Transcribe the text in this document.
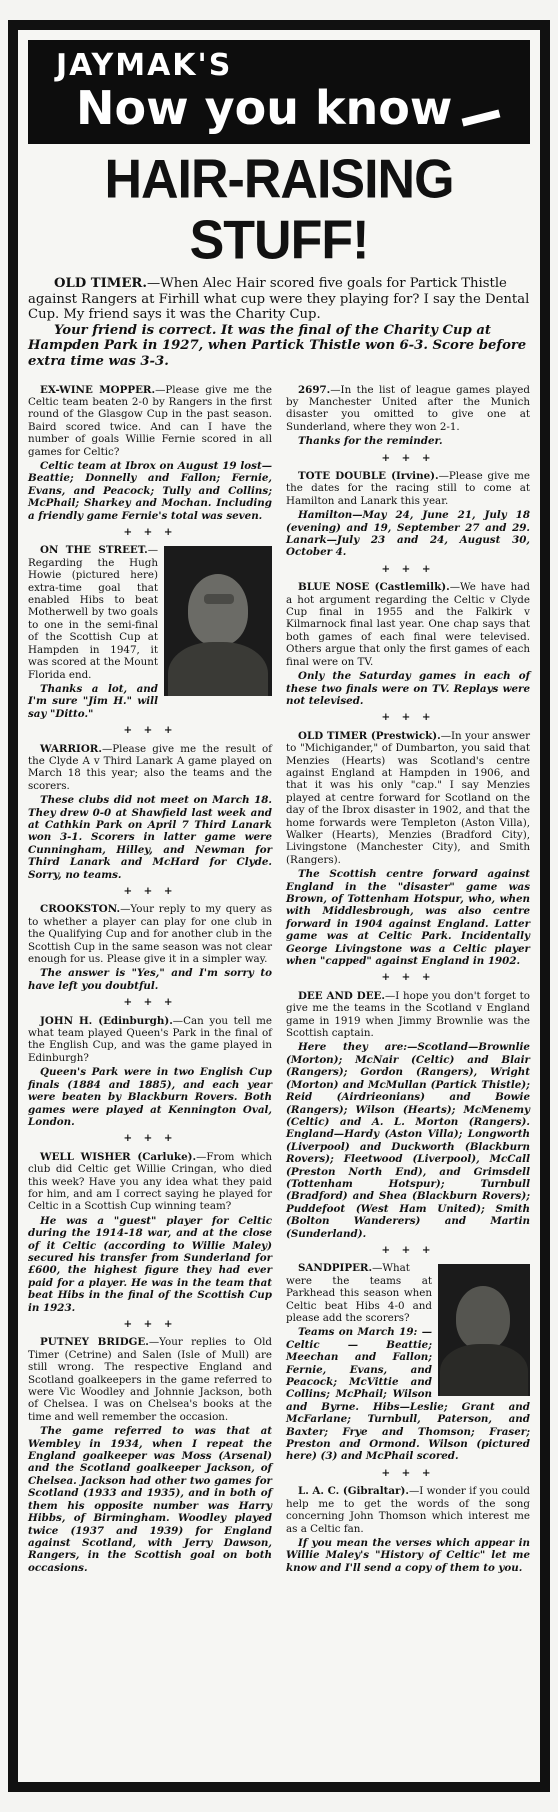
JAYMAK'S
Now you know
HAIR-RAISING STUFF!

OLD TIMER.—When Alec Hair scored five goals for Partick Thistle against Rangers at Firhill what cup were they playing for? I say the Dental Cup. My friend says it was the Charity Cup.

Your friend is correct. It was the final of the Charity Cup at Hampden Park in 1927, when Partick Thistle won 6-3. Score before extra time was 3-3.

EX-WINE MOPPER.—Please give me the Celtic team beaten 2-0 by Rangers in the first round of the Glasgow Cup in the past season. Baird scored twice. And can I have the number of goals Willie Fernie scored in all games for Celtic?

Celtic team at Ibrox on August 19 lost—Beattie; Donnelly and Fallon; Fernie, Evans, and Peacock; Tully and Collins; McPhail; Sharkey and Mochan. Including a friendly game Fernie's total was seven.

+ + +

ON THE STREET.—Regarding the Hugh Howie (pictured here) extra-time goal that enabled Hibs to beat Motherwell by two goals to one in the semi-final of the Scottish Cup at Hampden in 1947, it was scored at the Mount Florida end.

Thanks a lot, and I'm sure "Jim H." will say "Ditto."

+ + +

WARRIOR.—Please give me the result of the Clyde A v Third Lanark A game played on March 18 this year; also the teams and the scorers.

These clubs did not meet on March 18. They drew 0-0 at Shawfield last week and at Cathkin Park on April 7 Third Lanark won 3-1. Scorers in latter game were Cunningham, Hilley, and Newman for Third Lanark and McHard for Clyde. Sorry, no teams.

+ + +

CROOKSTON.—Your reply to my query as to whether a player can play for one club in the Qualifying Cup and for another club in the Scottish Cup in the same season was not clear enough for us. Please give it in a simpler way.

The answer is "Yes," and I'm sorry to have left you doubtful.

+ + +

JOHN H. (Edinburgh).—Can you tell me what team played Queen's Park in the final of the English Cup, and was the game played in Edinburgh?

Queen's Park were in two English Cup finals (1884 and 1885), and each year were beaten by Blackburn Rovers. Both games were played at Kennington Oval, London.

+ + +

WELL WISHER (Carluke).—From which club did Celtic get Willie Cringan, who died this week? Have you any idea what they paid for him, and am I correct saying he played for Celtic in a Scottish Cup winning team?

He was a "guest" player for Celtic during the 1914-18 war, and at the close of it Celtic (according to Willie Maley) secured his transfer from Sunderland for £600, the highest figure they had ever paid for a player. He was in the team that beat Hibs in the final of the Scottish Cup in 1923.

+ + +

PUTNEY BRIDGE.—Your replies to Old Timer (Cetrine) and Salen (Isle of Mull) are still wrong. The respective England and Scotland goalkeepers in the game referred to were Vic Woodley and Johnnie Jackson, both of Chelsea. I was on Chelsea's books at the time and well remember the occasion.

The game referred to was that at Wembley in 1934, when I repeat the England goalkeeper was Moss (Arsenal) and the Scotland goalkeeper Jackson, of Chelsea. Jackson had other two games for Scotland (1933 and 1935), and in both of them his opposite number was Harry Hibbs, of Birmingham. Woodley played twice (1937 and 1939) for England against Scotland, with Jerry Dawson, Rangers, in the Scottish goal on both occasions.

2697.—In the list of league games played by Manchester United after the Munich disaster you omitted to give one at Sunderland, where they won 2-1.

Thanks for the reminder.

+ + +

TOTE DOUBLE (Irvine).—Please give me the dates for the racing still to come at Hamilton and Lanark this year.

Hamilton—May 24, June 21, July 18 (evening) and 19, September 27 and 29. Lanark—July 23 and 24, August 30, October 4.

+ + +

BLUE NOSE (Castlemilk).—We have had a hot argument regarding the Celtic v Clyde Cup final in 1955 and the Falkirk v Kilmarnock final last year. One chap says that both games of each final were televised. Others argue that only the first games of each final were on TV.

Only the Saturday games in each of these two finals were on TV. Replays were not televised.

+ + +

OLD TIMER (Prestwick).—In your answer to "Michigander," of Dumbarton, you said that Menzies (Hearts) was Scotland's centre against England at Hampden in 1906, and that it was his only "cap." I say Menzies played at centre forward for Scotland on the day of the Ibrox disaster in 1902, and that the home forwards were Templeton (Aston Villa), Walker (Hearts), Menzies (Bradford City), Livingstone (Manchester City), and Smith (Rangers).

The Scottish centre forward against England in the "disaster" game was Brown, of Tottenham Hotspur, who, when with Middlesbrough, was also centre forward in 1904 against England. Latter game was at Celtic Park. Incidentally George Livingstone was a Celtic player when "capped" against England in 1902.

+ + +

DEE AND DEE.—I hope you don't forget to give me the teams in the Scotland v England game in 1919 when Jimmy Brownlie was the Scottish captain.

Here they are:—Scotland—Brownlie (Morton); McNair (Celtic) and Blair (Rangers); Gordon (Rangers), Wright (Morton) and McMullan (Partick Thistle); Reid (Airdrieonians) and Bowie (Rangers); Wilson (Hearts); McMenemy (Celtic) and A. L. Morton (Rangers). England—Hardy (Aston Villa); Longworth (Liverpool) and Duckworth (Blackburn Rovers); Fleetwood (Liverpool), McCall (Preston North End), and Grimsdell (Tottenham Hotspur); Turnbull (Bradford) and Shea (Blackburn Rovers); Puddefoot (West Ham United); Smith (Bolton Wanderers) and Martin (Sunderland).

+ + +

SANDPIPER.—What were the teams at Parkhead this season when Celtic beat Hibs 4-0 and please add the scorers?

Teams on March 19: — Celtic — Beattie; Meechan and Fallon; Fernie, Evans, and Peacock; McVittie and Collins; McPhail; Wilson and Byrne. Hibs—Leslie; Grant and McFarlane; Turnbull, Paterson, and Baxter; Frye and Thomson; Fraser; Preston and Ormond. Wilson (pictured here) (3) and McPhail scored.

+ + +

L. A. C. (Gibraltar).—I wonder if you could help me to get the words of the song concerning John Thomson which interest me as a Celtic fan.

If you mean the verses which appear in Willie Maley's "History of Celtic" let me know and I'll send a copy of them to you.
